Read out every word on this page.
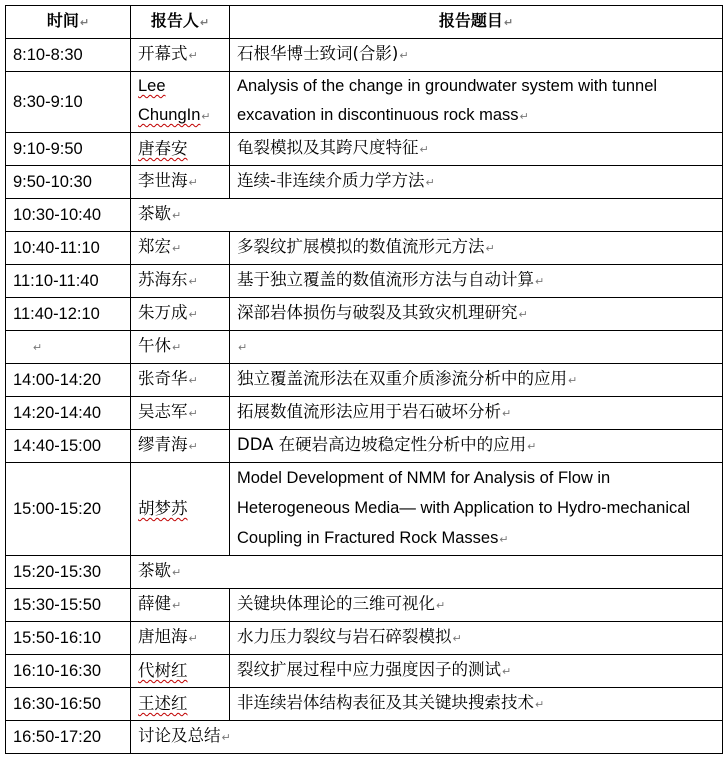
时间↵	报告人↵	报告题目↵
8:10-8:30	开幕式↵	石根华博士致词(合影)↵
8:30-9:10	Lee ChungIn↵	Analysis of the change in groundwater system with tunnel excavation in discontinuous rock mass↵
9:10-9:50	唐春安	龟裂模拟及其跨尺度特征↵
9:50-10:30	李世海↵	连续-非连续介质力学方法↵
10:30-10:40	茶歇↵	
10:40-11:10	郑宏↵	多裂纹扩展模拟的数值流形元方法↵
11:10-11:40	苏海东↵	基于独立覆盖的数值流形方法与自动计算↵
11:40-12:10	朱万成↵	深部岩体损伤与破裂及其致灾机理研究↵
↵	午休↵	↵
14:00-14:20	张奇华↵	独立覆盖流形法在双重介质渗流分析中的应用↵
14:20-14:40	吴志军↵	拓展数值流形法应用于岩石破坏分析↵
14:40-15:00	缪青海↵	DDA 在硬岩高边坡稳定性分析中的应用↵
15:00-15:20	胡梦苏	Model Development of NMM for Analysis of Flow in Heterogeneous Media— with Application to Hydro-mechanical Coupling in Fractured Rock Masses↵
15:20-15:30	茶歇↵	
15:30-15:50	薛健↵	关键块体理论的三维可视化↵
15:50-16:10	唐旭海↵	水力压力裂纹与岩石碎裂模拟↵
16:10-16:30	代树红	裂纹扩展过程中应力强度因子的测试↵
16:30-16:50	王述红	非连续岩体结构表征及其关键块搜索技术↵
16:50-17:20	讨论及总结↵	
